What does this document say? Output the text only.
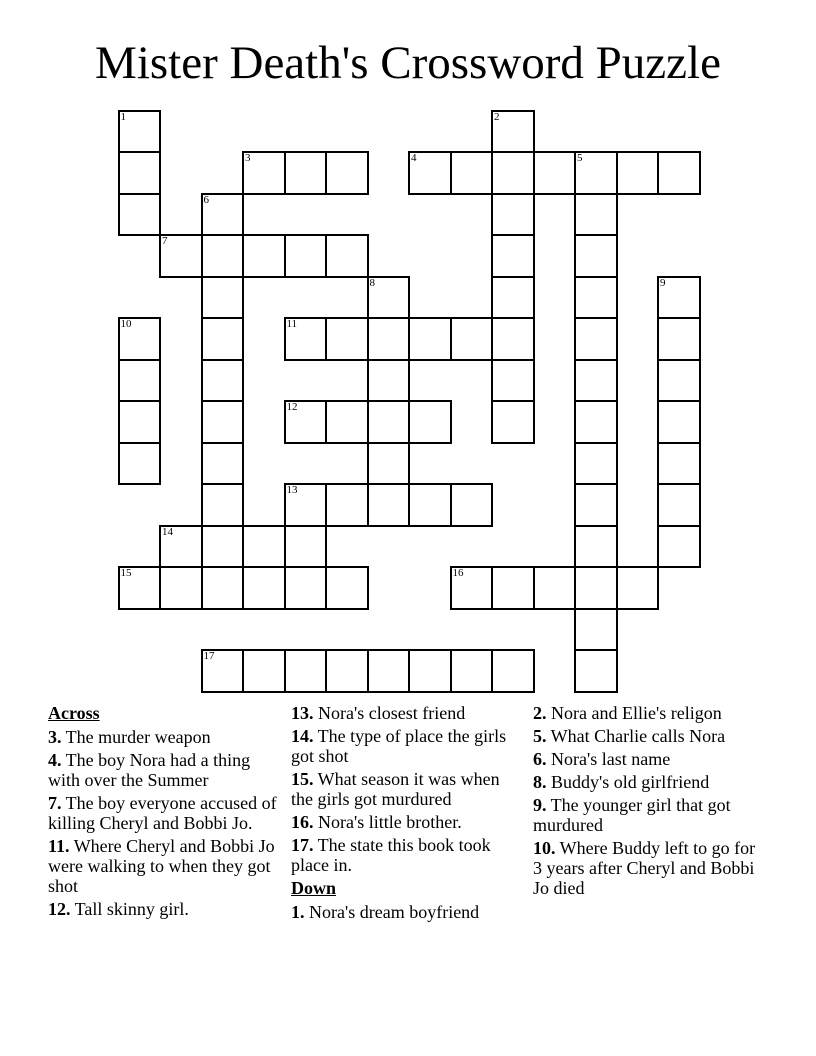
Mister Death's Crossword Puzzle
1	2
3	4	5
6
7
8	9
10	11
12
13
14
15	16
17
Across
3. The murder weapon
4. The boy Nora had a thing with over the Summer
7. The boy everyone accused of killing Cheryl and Bobbi Jo.
11. Where Cheryl and Bobbi Jo were walking to when they got shot
12. Tall skinny girl.
13. Nora's closest friend
14. The type of place the girls got shot
15. What season it was when the girls got murdured
16. Nora's little brother.
17. The state this book took place in.
Down
1. Nora's dream boyfriend
2. Nora and Ellie's religon
5. What Charlie calls Nora
6. Nora's last name
8. Buddy's old girlfriend
9. The younger girl that got murdured
10. Where Buddy left to go for 3 years after Cheryl and Bobbi Jo died
